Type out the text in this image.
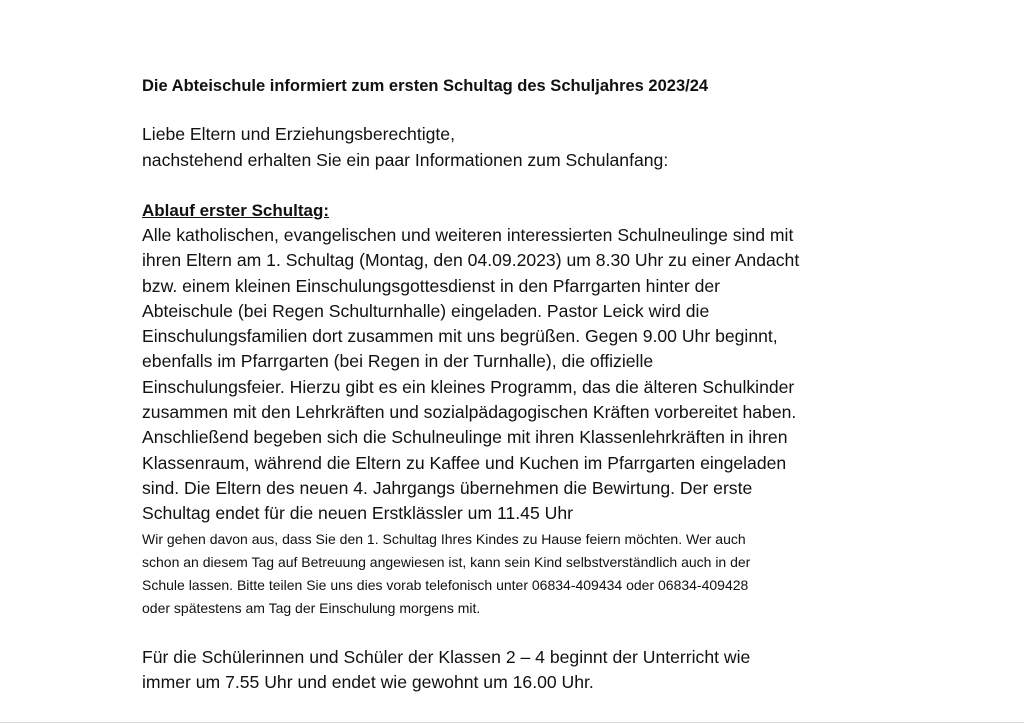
Die Abteischule informiert zum ersten Schultag des Schuljahres 2023/24
Liebe Eltern und Erziehungsberechtigte,
nachstehend erhalten Sie ein paar Informationen zum Schulanfang:
Ablauf erster Schultag:
Alle katholischen, evangelischen und weiteren interessierten Schulneulinge sind mit
ihren Eltern am 1. Schultag (Montag, den 04.09.2023) um 8.30 Uhr zu einer Andacht
bzw. einem kleinen Einschulungsgottesdienst in den Pfarrgarten hinter der
Abteischule (bei Regen Schulturnhalle) eingeladen. Pastor Leick wird die
Einschulungsfamilien dort zusammen mit uns begrüßen. Gegen 9.00 Uhr beginnt,
ebenfalls im Pfarrgarten (bei Regen in der Turnhalle), die offizielle
Einschulungsfeier. Hierzu gibt es ein kleines Programm, das die älteren Schulkinder
zusammen mit den Lehrkräften und sozialpädagogischen Kräften vorbereitet haben.
Anschließend begeben sich die Schulneulinge mit ihren Klassenlehrkräften in ihren
Klassenraum, während die Eltern zu Kaffee und Kuchen im Pfarrgarten eingeladen
sind. Die Eltern des neuen 4. Jahrgangs übernehmen die Bewirtung. Der erste
Schultag endet für die neuen Erstklässler um 11.45 Uhr
Wir gehen davon aus, dass Sie den 1. Schultag Ihres Kindes zu Hause feiern möchten. Wer auch
schon an diesem Tag auf Betreuung angewiesen ist, kann sein Kind selbstverständlich auch in der
Schule lassen. Bitte teilen Sie uns dies vorab telefonisch unter 06834-409434 oder 06834-409428
oder spätestens am Tag der Einschulung morgens mit.
Für die Schülerinnen und Schüler der Klassen 2 – 4 beginnt der Unterricht wie
immer um 7.55 Uhr und endet wie gewohnt um 16.00 Uhr.
